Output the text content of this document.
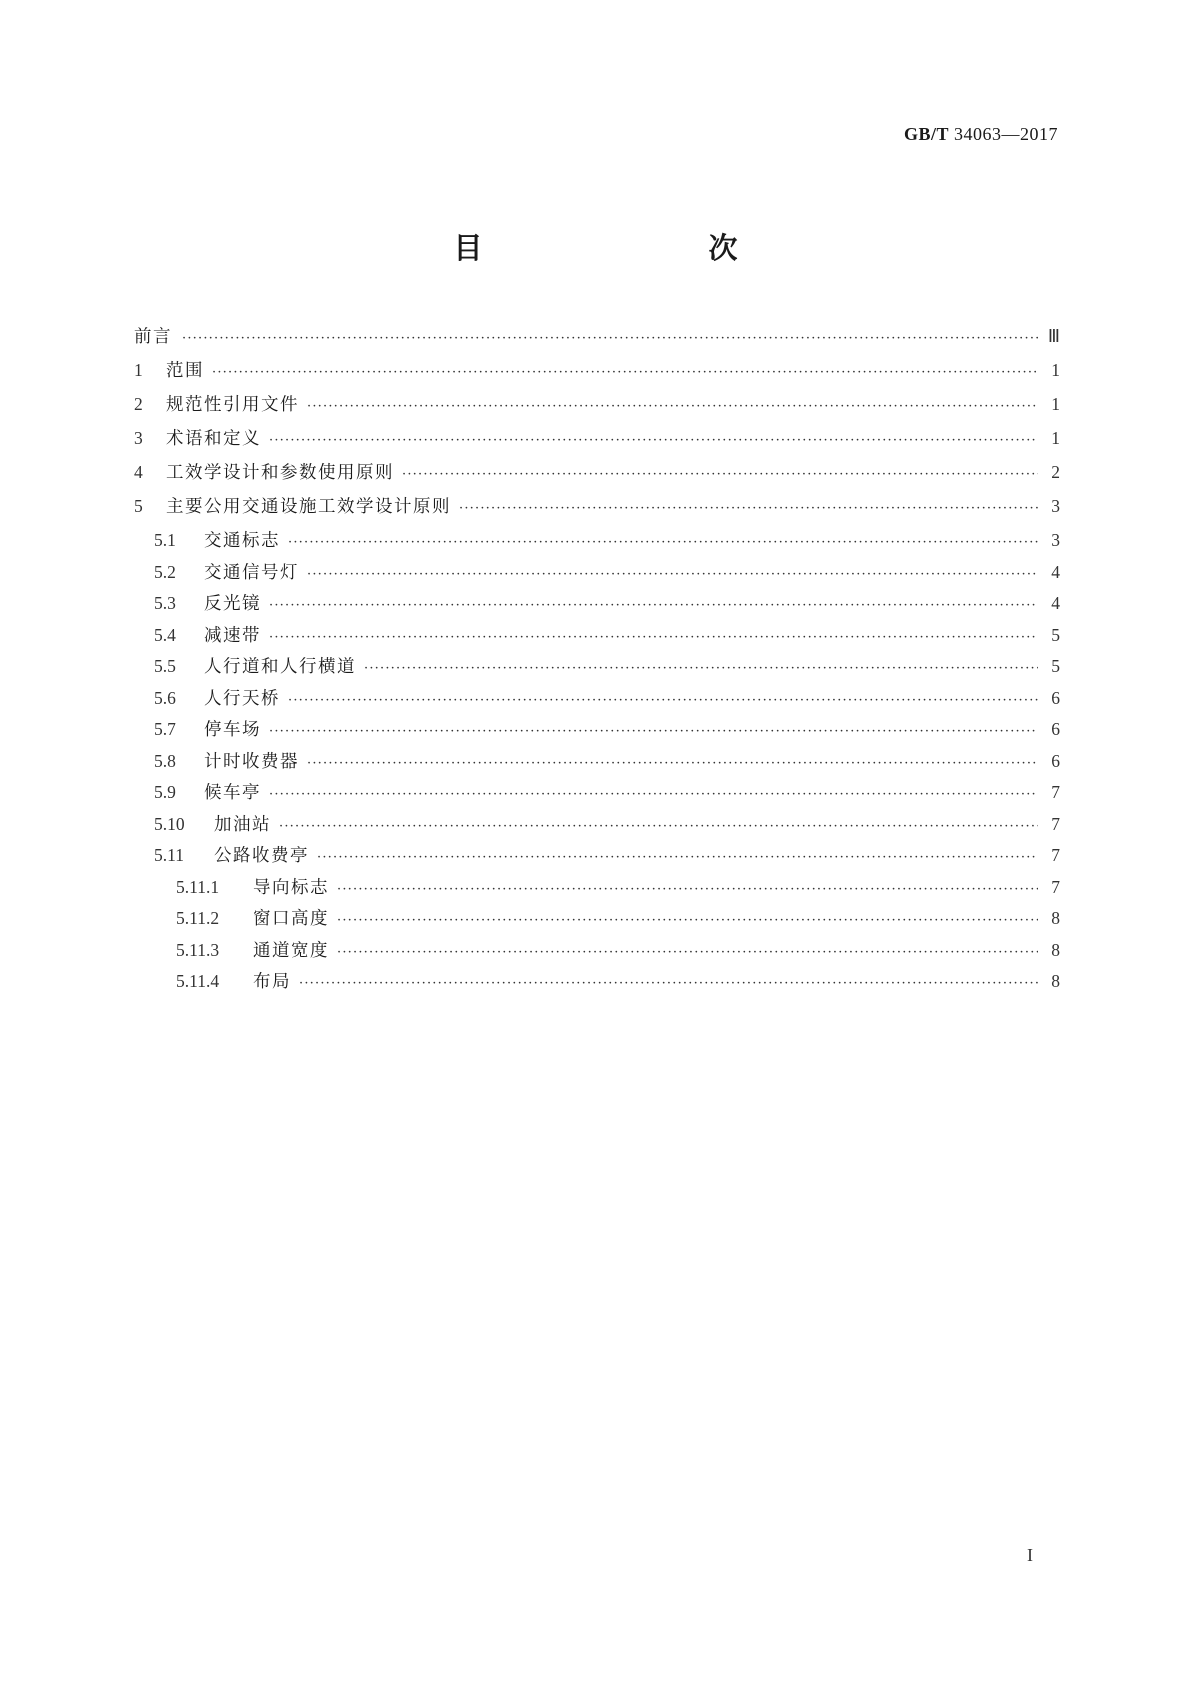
GB/T 34063—2017
目　　次
前言 ·····	Ⅲ
1	范围 ·····	1
2	规范性引用文件 ·····	1
3	术语和定义 ·····	1
4	工效学设计和参数使用原则 ·····	2
5	主要公用交通设施工效学设计原则 ·····	3
5.1	交通标志 ·····	3
5.2	交通信号灯 ·····	4
5.3	反光镜 ·····	4
5.4	减速带 ·····	5
5.5	人行道和人行横道 ·····	5
5.6	人行天桥 ·····	6
5.7	停车场 ·····	6
5.8	计时收费器 ·····	6
5.9	候车亭 ·····	7
5.10	加油站 ·····	7
5.11	公路收费亭 ·····	7
5.11.1	导向标志 ·····	7
5.11.2	窗口高度 ·····	8
5.11.3	通道宽度 ·····	8
5.11.4	布局 ·····	8
I
